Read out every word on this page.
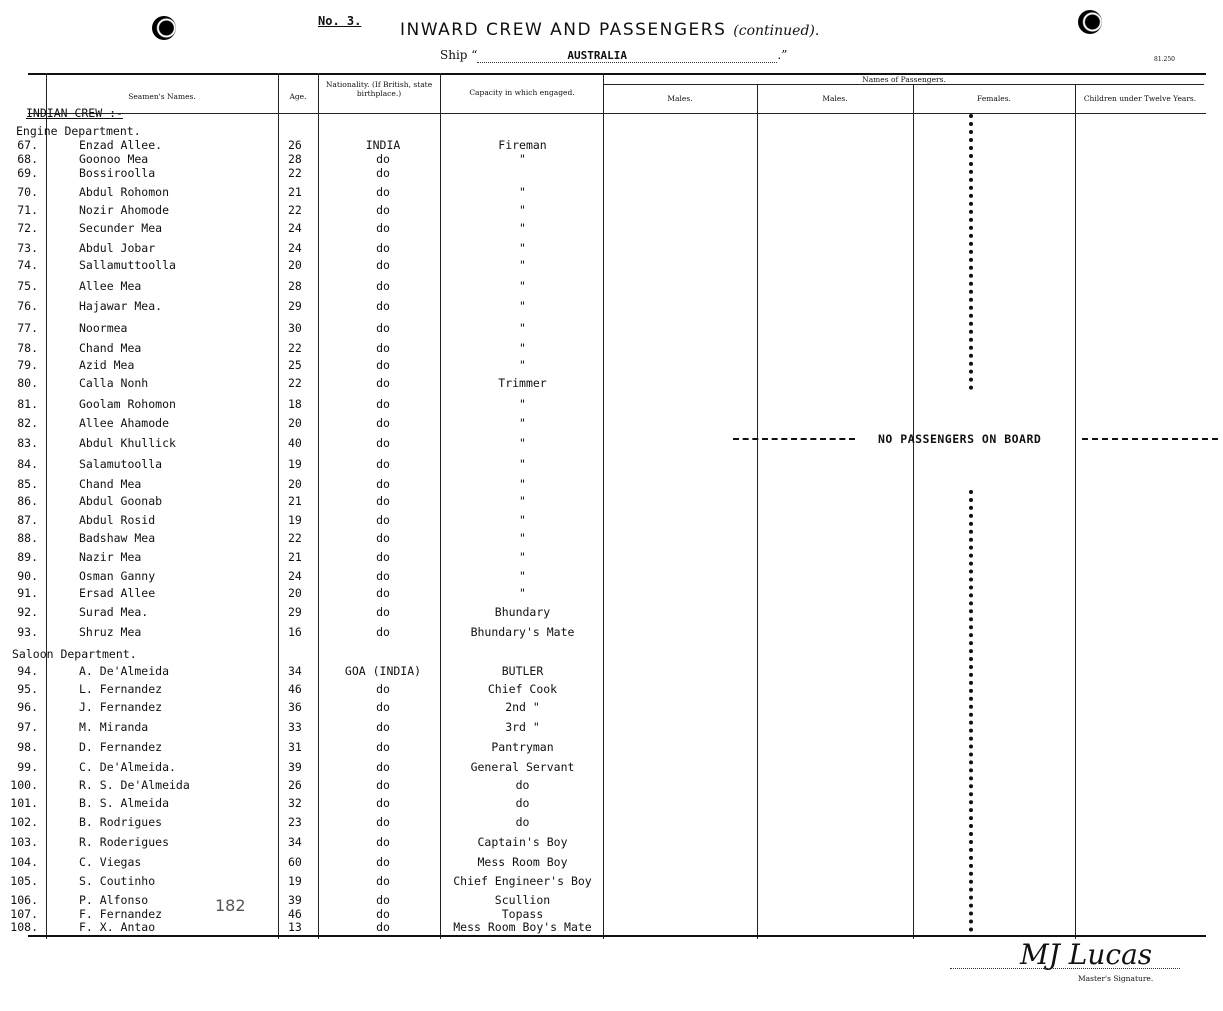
No. 3. INWARD CREW AND PASSENGERS (continued).
Ship “	AUSTRALIA	.”	81.250
Seamen's Names.	Age.
Nationality. (If British, state birthplace.)	Capacity in which engaged.
Names of Passengers.
Males.	Males.	Females.	Children under Twelve Years.
INDIAN CREW :-
Engine Department.
Saloon Department.
67.	Enzad Allee.	26	INDIA	Fireman
68.	Goonoo Mea	28	do	"
69.	Bossiroolla	22	do
70.	Abdul Rohomon	21	do	"
71.	Nozir Ahomode	22	do	"
72.	Secunder Mea	24	do	"
73.	Abdul Jobar	24	do	"
74.	Sallamuttoolla	20	do	"
75.	Allee Mea	28	do	"
76.	Hajawar Mea.	29	do	"
77.	Noormea	30	do	"
78.	Chand Mea	22	do	"
79.	Azid Mea	25	do	"
80.	Calla Nonh	22	do	Trimmer
81.	Goolam Rohomon	18	do	"
82.	Allee Ahamode	20	do	"
83.	Abdul Khullick	40	do	"
84.	Salamutoolla	19	do	"
85.	Chand Mea	20	do	"
86.	Abdul Goonab	21	do	"
87.	Abdul Rosid	19	do	"
88.	Badshaw Mea	22	do	"
89.	Nazir Mea	21	do	"
90.	Osman Ganny	24	do	"
91.	Ersad Allee	20	do	"
92.	Surad Mea.	29	do	Bhundary
93.	Shruz Mea	16	do	Bhundary's Mate
94.	A. De'Almeida	34	GOA (INDIA)	BUTLER
95.	L. Fernandez	46	do	Chief Cook
96.	J. Fernandez	36	do	2nd "
97.	M. Miranda	33	do	3rd "
98.	D. Fernandez	31	do	Pantryman
99.	C. De'Almeida.	39	do	General Servant
100.	R. S. De'Almeida	26	do	do
101.	B. S. Almeida	32	do	do
102.	B. Rodrigues	23	do	do
103.	R. Roderigues	34	do	Captain's Boy
104.	C. Viegas	60	do	Mess Room Boy
105.	S. Coutinho	19	do	Chief Engineer's Boy
106.	P. Alfonso	39	do	Scullion
107.	F. Fernandez	46	do	Topass
108.	F. X. Antao	13	do	Mess Room Boy's Mate
NO PASSENGERS ON BOARD
182
MJ Lucas
Master's Signature.
